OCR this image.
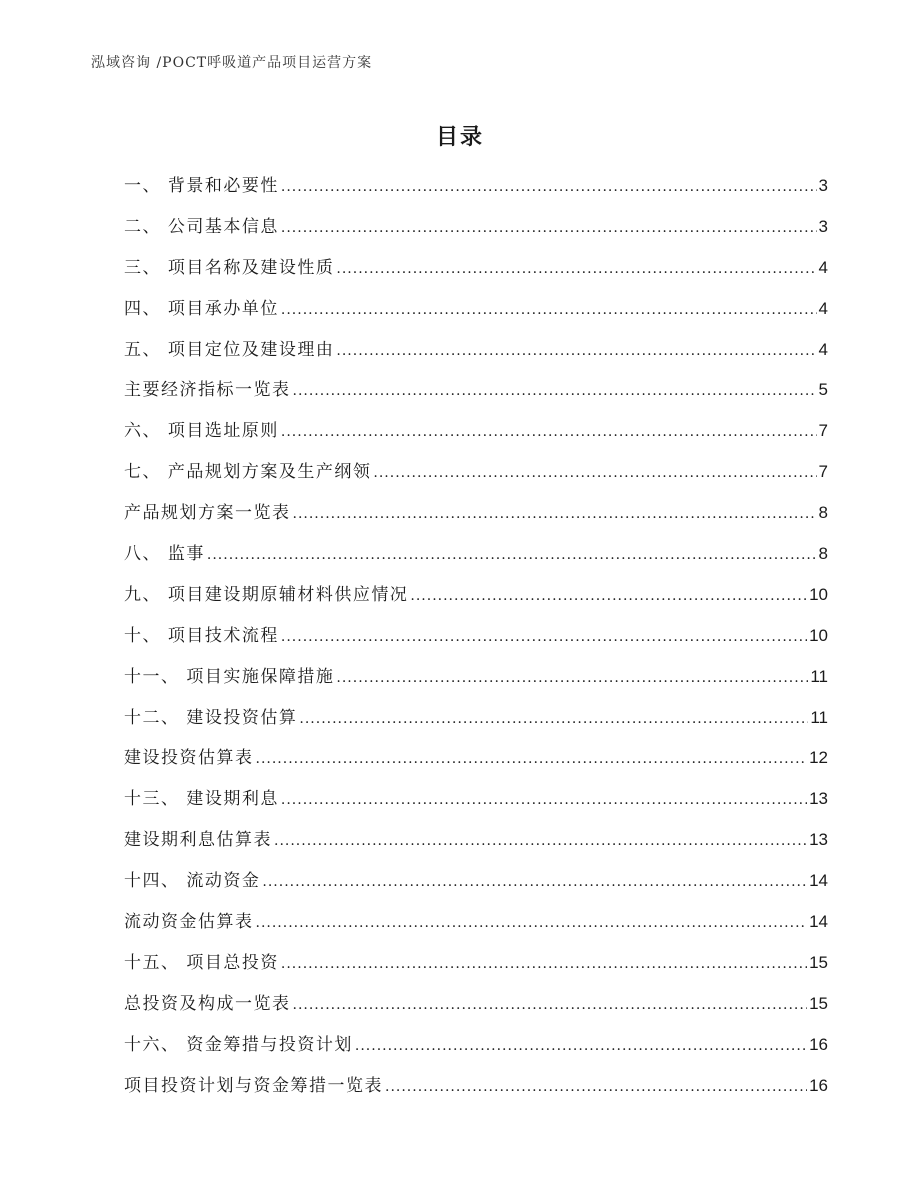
泓域咨询 /POCT呼吸道产品项目运营方案
目录
一、 背景和必要性 .....	3
二、 公司基本信息 .....	3
三、 项目名称及建设性质 .....	4
四、 项目承办单位 .....	4
五、 项目定位及建设理由 .....	4
主要经济指标一览表 .....	5
六、 项目选址原则 .....	7
七、 产品规划方案及生产纲领 .....	7
产品规划方案一览表 .....	8
八、 监事 .....	8
九、 项目建设期原辅材料供应情况 .....	10
十、 项目技术流程 .....	10
十一、 项目实施保障措施 .....	11
十二、 建设投资估算 .....	11
建设投资估算表 .....	12
十三、 建设期利息 .....	13
建设期利息估算表 .....	13
十四、 流动资金 .....	14
流动资金估算表 .....	14
十五、 项目总投资 .....	15
总投资及构成一览表 .....	15
十六、 资金筹措与投资计划 .....	16
项目投资计划与资金筹措一览表 .....	16
